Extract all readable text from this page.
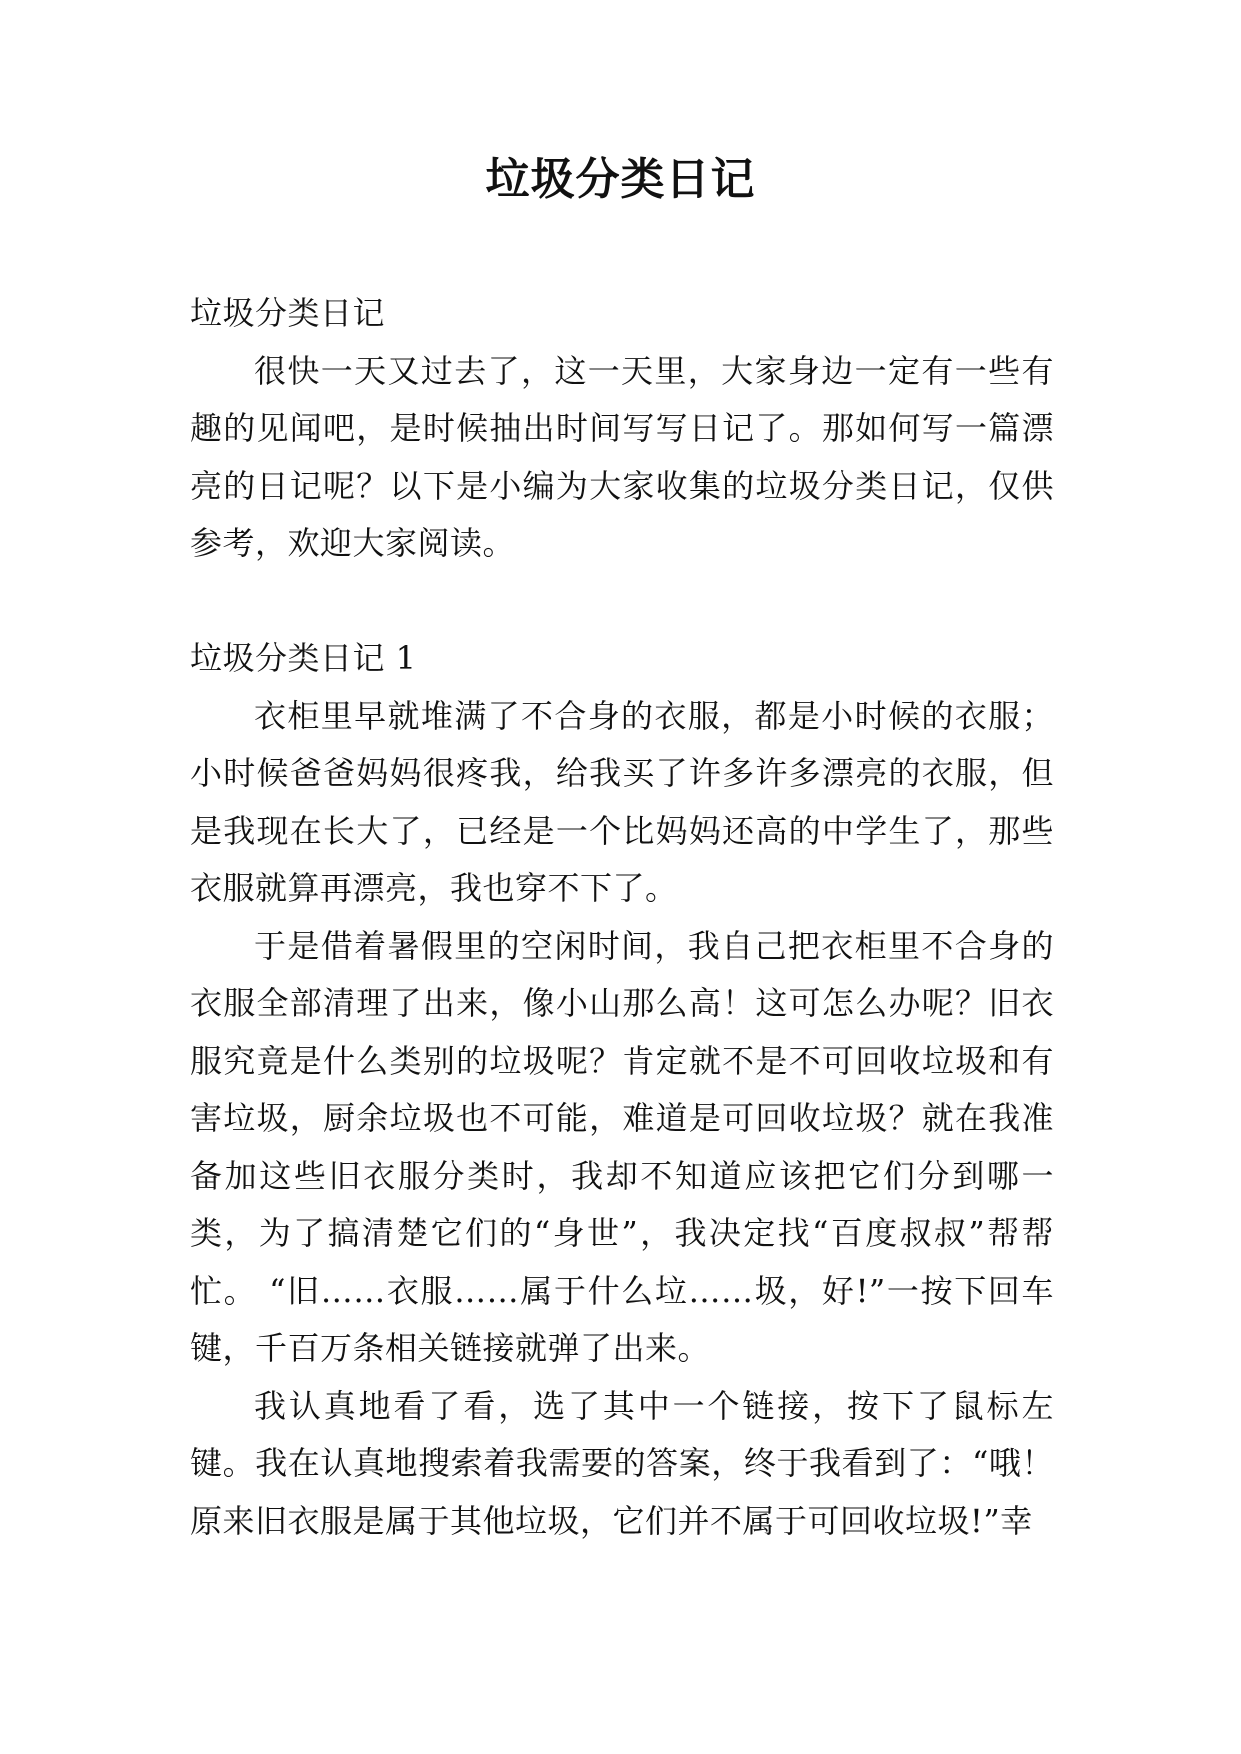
垃圾分类日记

垃圾分类日记

很快一天又过去了，这一天里，大家身边一定有一些有趣的见闻吧，是时候抽出时间写写日记了。那如何写一篇漂亮的日记呢？以下是小编为大家收集的垃圾分类日记，仅供参考，欢迎大家阅读。

垃圾分类日记 1

衣柜里早就堆满了不合身的衣服，都是小时候的衣服；小时候爸爸妈妈很疼我，给我买了许多许多漂亮的衣服，但是我现在长大了，已经是一个比妈妈还高的中学生了，那些衣服就算再漂亮，我也穿不下了。

于是借着暑假里的空闲时间，我自己把衣柜里不合身的衣服全部清理了出来，像小山那么高！这可怎么办呢？旧衣服究竟是什么类别的垃圾呢？肯定就不是不可回收垃圾和有害垃圾，厨余垃圾也不可能，难道是可回收垃圾？就在我准备加这些旧衣服分类时，我却不知道应该把它们分到哪一类，为了搞清楚它们的“身世”，我决定找“百度叔叔”帮帮忙。 “旧……衣服……属于什么垃……圾，好!”一按下回车键，千百万条相关链接就弹了出来。

我认真地看了看，选了其中一个链接，按下了鼠标左键。我在认真地搜索着我需要的答案，终于我看到了：“哦！原来旧衣服是属于其他垃圾，它们并不属于可回收垃圾!”幸
